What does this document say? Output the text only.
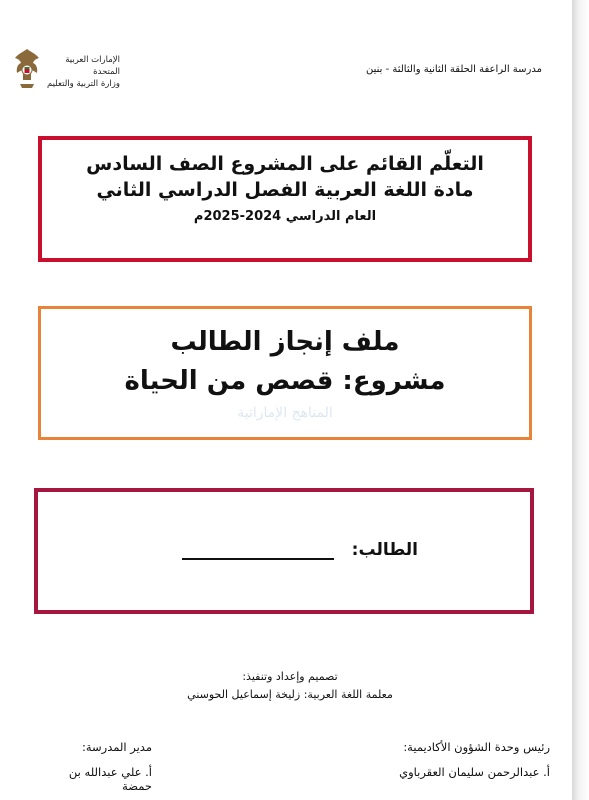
الإمارات العربية المتحدة
وزارة التربية والتعليم
مدرسة الراعفة الحلقة الثانية والثالثة - بنين
التعلّم القائم على المشروع الصف السادس
مادة اللغة العربية الفصل الدراسي الثاني
العام الدراسي 2024-2025م
ملف إنجاز الطالب
مشروع: قصص من الحياة
المناهج الإماراتية
الطالب:
تصميم وإعداد وتنفيذ:
معلمة اللغة العربية: زليخة إسماعيل الحوسني
رئيس وحدة الشؤون الأكاديمية:
أ. عبدالرحمن سليمان العقرباوي
مدير المدرسة:
أ. علي عبدالله بن حمضة
